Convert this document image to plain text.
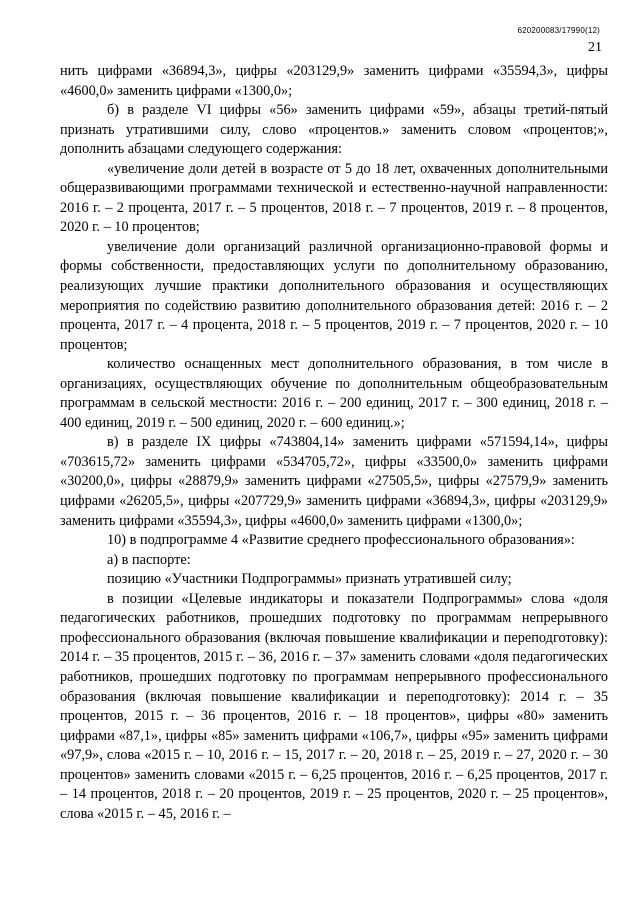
620200083/17990(12)
21

нить цифрами «36894,3», цифры «203129,9» заменить цифрами «35594,3», цифры «4600,0» заменить цифрами «1300,0»;

б) в разделе VI цифры «56» заменить цифрами «59», абзацы третий-пятый признать утратившими силу, слово «процентов.» заменить словом «процентов;», дополнить абзацами следующего содержания:

«увеличение доли детей в возрасте от 5 до 18 лет, охваченных дополнительными общеразвивающими программами технической и естественно-научной направленности: 2016 г. – 2 процента, 2017 г. – 5 процентов, 2018 г. – 7 процентов, 2019 г. – 8 процентов, 2020 г. – 10 процентов;

увеличение доли организаций различной организационно-правовой формы и формы собственности, предоставляющих услуги по дополнительному образованию, реализующих лучшие практики дополнительного образования и осуществляющих мероприятия по содействию развитию дополнительного образования детей: 2016 г. – 2 процента, 2017 г. – 4 процента, 2018 г. – 5 процентов, 2019 г. – 7 процентов, 2020 г. – 10 процентов;

количество оснащенных мест дополнительного образования, в том числе в организациях, осуществляющих обучение по дополнительным общеобразовательным программам в сельской местности: 2016 г. – 200 единиц, 2017 г. – 300 единиц, 2018 г. – 400 единиц, 2019 г. – 500 единиц, 2020 г. – 600 единиц.»;

в) в разделе IX цифры «743804,14» заменить цифрами «571594,14», цифры «703615,72» заменить цифрами «534705,72», цифры «33500,0» заменить цифрами «30200,0», цифры «28879,9» заменить цифрами «27505,5», цифры «27579,9» заменить цифрами «26205,5», цифры «207729,9» заменить цифрами «36894,3», цифры «203129,9» заменить цифрами «35594,3», цифры «4600,0» заменить цифрами «1300,0»;

10) в подпрограмме 4 «Развитие среднего профессионального образования»:

а) в паспорте:

позицию «Участники Подпрограммы» признать утратившей силу;

в позиции «Целевые индикаторы и показатели Подпрограммы» слова «доля педагогических работников, прошедших подготовку по программам непрерывного профессионального образования (включая повышение квалификации и переподготовку): 2014 г. – 35 процентов, 2015 г. – 36, 2016 г. – 37» заменить словами «доля педагогических работников, прошедших подготовку по программам непрерывного профессионального образования (включая повышение квалификации и переподготовку): 2014 г. – 35 процентов, 2015 г. – 36 процентов, 2016 г. – 18 процентов», цифры «80» заменить цифрами «87,1», цифры «85» заменить цифрами «106,7», цифры «95» заменить цифрами «97,9», слова «2015 г. – 10, 2016 г. – 15, 2017 г. – 20, 2018 г. – 25, 2019 г. – 27, 2020 г. – 30 процентов» заменить словами «2015 г. – 6,25 процентов, 2016 г. – 6,25 процентов, 2017 г. – 14 процентов, 2018 г. – 20 процентов, 2019 г. – 25 процентов, 2020 г. – 25 процентов», слова «2015 г. – 45, 2016 г. –
